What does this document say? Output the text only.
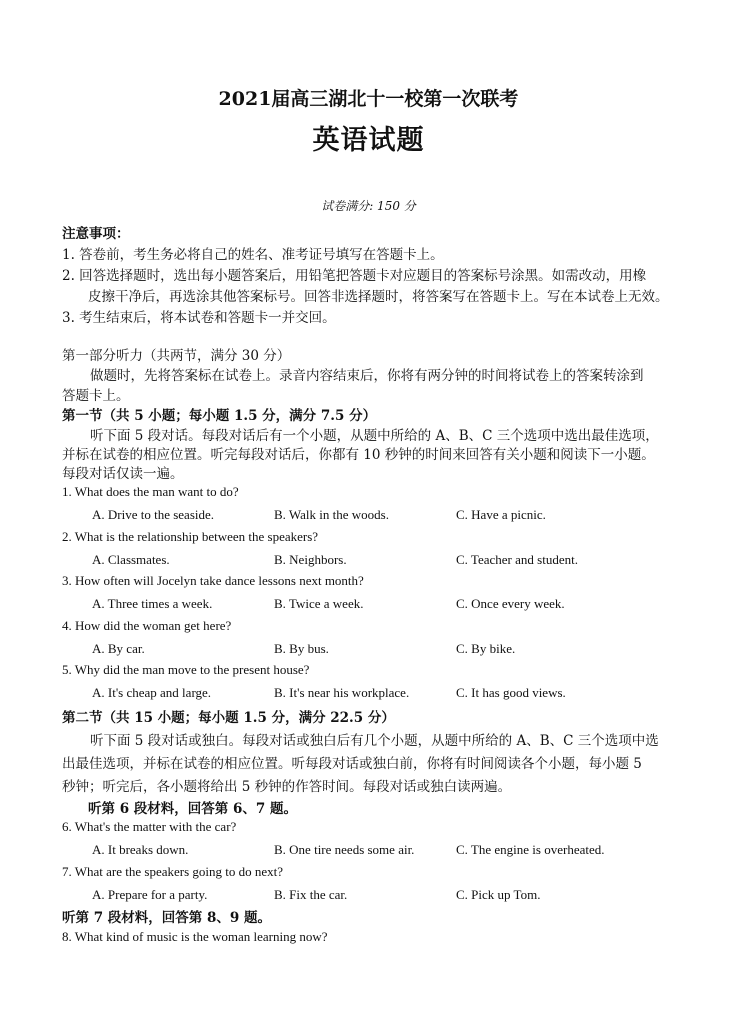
2021届高三湖北十一校第一次联考
英语试题
试卷满分: 150 分
注意事项：
1. 答卷前，考生务必将自己的姓名、准考证号填写在答题卡上。
2. 回答选择题时，选出每小题答案后，用铅笔把答题卡对应题目的答案标号涂黑。如需改动，用橡
皮擦干净后，再选涂其他答案标号。回答非选择题时，将答案写在答题卡上。写在本试卷上无效。
3. 考生结束后，将本试卷和答题卡一并交回。
第一部分听力（共两节，满分 30 分）
做题时，先将答案标在试卷上。录音内容结束后，你将有两分钟的时间将试卷上的答案转涂到
答题卡上。
第一节（共 5 小题；每小题 1.5 分，满分 7.5 分）
听下面 5 段对话。每段对话后有一个小题，从题中所给的 A、B、C 三个选项中选出最佳选项，
并标在试卷的相应位置。听完每段对话后，你都有 10 秒钟的时间来回答有关小题和阅读下一小题。
每段对话仅读一遍。
1. What does the man want to do?
A. Drive to the seaside.	B. Walk in the woods.	C. Have a picnic.
2. What is the relationship between the speakers?
A. Classmates.	B. Neighbors.	C. Teacher and student.
3. How often will Jocelyn take dance lessons next month?
A. Three times a week.	B. Twice a week.	C. Once every week.
4. How did the woman get here?
A. By car.	B. By bus.	C. By bike.
5. Why did the man move to the present house?
A. It's cheap and large.	B. It's near his workplace.	C. It has good views.
第二节（共 15 小题；每小题 1.5 分，满分 22.5 分）
听下面 5 段对话或独白。每段对话或独白后有几个小题，从题中所给的 A、B、C 三个选项中选
出最佳选项，并标在试卷的相应位置。听每段对话或独白前，你将有时间阅读各个小题，每小题 5
秒钟；听完后，各小题将给出 5 秒钟的作答时间。每段对话或独白读两遍。
听第 6 段材料，回答第 6、7 题。
6. What's the matter with the car?
A. It breaks down.	B. One tire needs some air.	C. The engine is overheated.
7. What are the speakers going to do next?
A. Prepare for a party.	B. Fix the car.	C. Pick up Tom.
听第 7 段材料，回答第 8、9 题。
8. What kind of music is the woman learning now?
